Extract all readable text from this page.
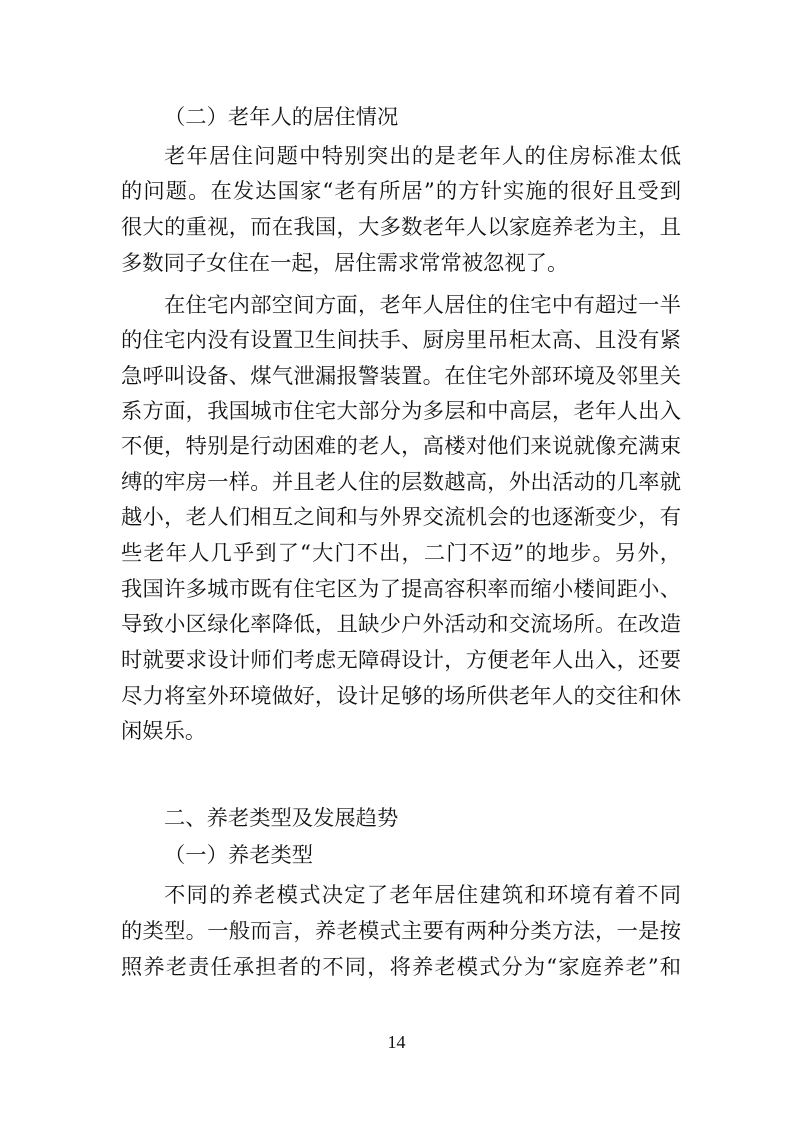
（二）老年人的居住情况
老年居住问题中特别突出的是老年人的住房标准太低
的问题。在发达国家“老有所居”的方针实施的很好且受到
很大的重视，而在我国，大多数老年人以家庭养老为主，且
多数同子女住在一起，居住需求常常被忽视了。
在住宅内部空间方面，老年人居住的住宅中有超过一半
的住宅内没有设置卫生间扶手、厨房里吊柜太高、且没有紧
急呼叫设备、煤气泄漏报警装置。在住宅外部环境及邻里关
系方面，我国城市住宅大部分为多层和中高层，老年人出入
不便，特别是行动困难的老人，高楼对他们来说就像充满束
缚的牢房一样。并且老人住的层数越高，外出活动的几率就
越小，老人们相互之间和与外界交流机会的也逐渐变少，有
些老年人几乎到了“大门不出，二门不迈”的地步。另外，
我国许多城市既有住宅区为了提高容积率而缩小楼间距小、
导致小区绿化率降低，且缺少户外活动和交流场所。在改造
时就要求设计师们考虑无障碍设计，方便老年人出入，还要
尽力将室外环境做好，设计足够的场所供老年人的交往和休
闲娱乐。
二、养老类型及发展趋势
（一）养老类型
不同的养老模式决定了老年居住建筑和环境有着不同
的类型。一般而言，养老模式主要有两种分类方法，一是按
照养老责任承担者的不同，将养老模式分为“家庭养老”和
14
